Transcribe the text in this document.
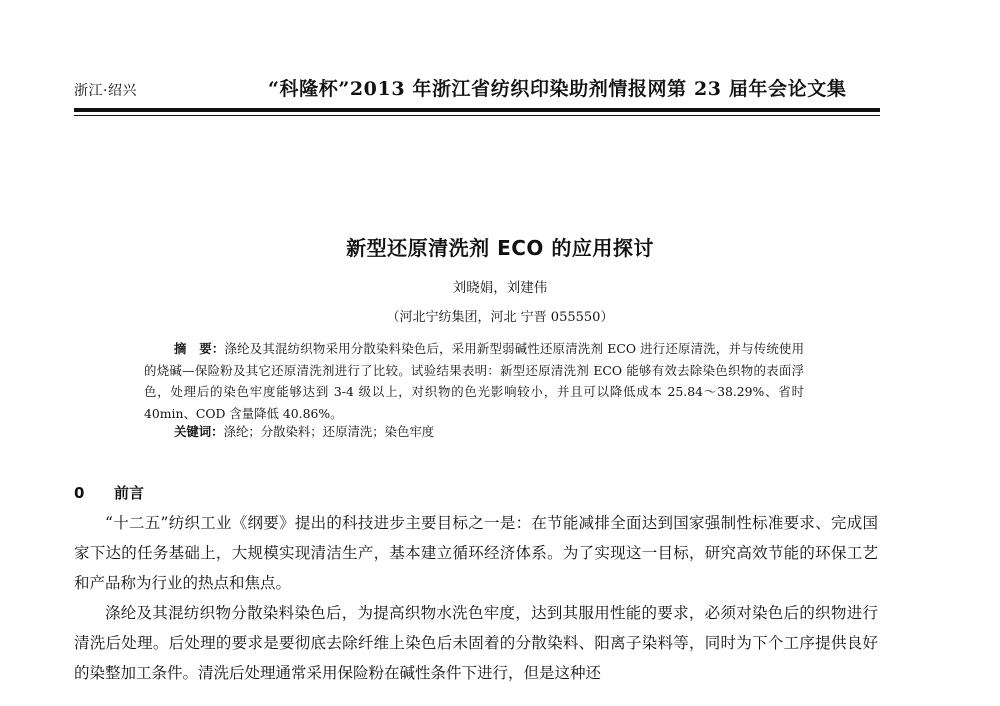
浙江·绍兴	“科隆杯”2013 年浙江省纺织印染助剂情报网第 23 届年会论文集
新型还原清洗剂 ECO 的应用探讨
刘晓娟，刘建伟
（河北宁纺集团，河北 宁晋 055550）
摘　要：涤纶及其混纺织物采用分散染料染色后，采用新型弱碱性还原清洗剂 ECO 进行还原清洗，并与传统使用的烧碱—保险粉及其它还原清洗剂进行了比较。试验结果表明：新型还原清洗剂 ECO 能够有效去除染色织物的表面浮色，处理后的染色牢度能够达到 3-4 级以上，对织物的色光影响较小，并且可以降低成本 25.84～38.29%、省时 40min、COD 含量降低 40.86%。
关键词：涤纶；分散染料；还原清洗；染色牢度
0 前言

“十二五”纺织工业《纲要》提出的科技进步主要目标之一是：在节能减排全面达到国家强制性标准要求、完成国家下达的任务基础上，大规模实现清洁生产，基本建立循环经济体系。为了实现这一目标，研究高效节能的环保工艺和产品称为行业的热点和焦点。

涤纶及其混纺织物分散染料染色后，为提高织物水洗色牢度，达到其服用性能的要求，必须对染色后的织物进行清洗后处理。后处理的要求是要彻底去除纤维上染色后未固着的分散染料、阳离子染料等，同时为下个工序提供良好的染整加工条件。清洗后处理通常采用保险粉在碱性条件下进行，但是这种还
